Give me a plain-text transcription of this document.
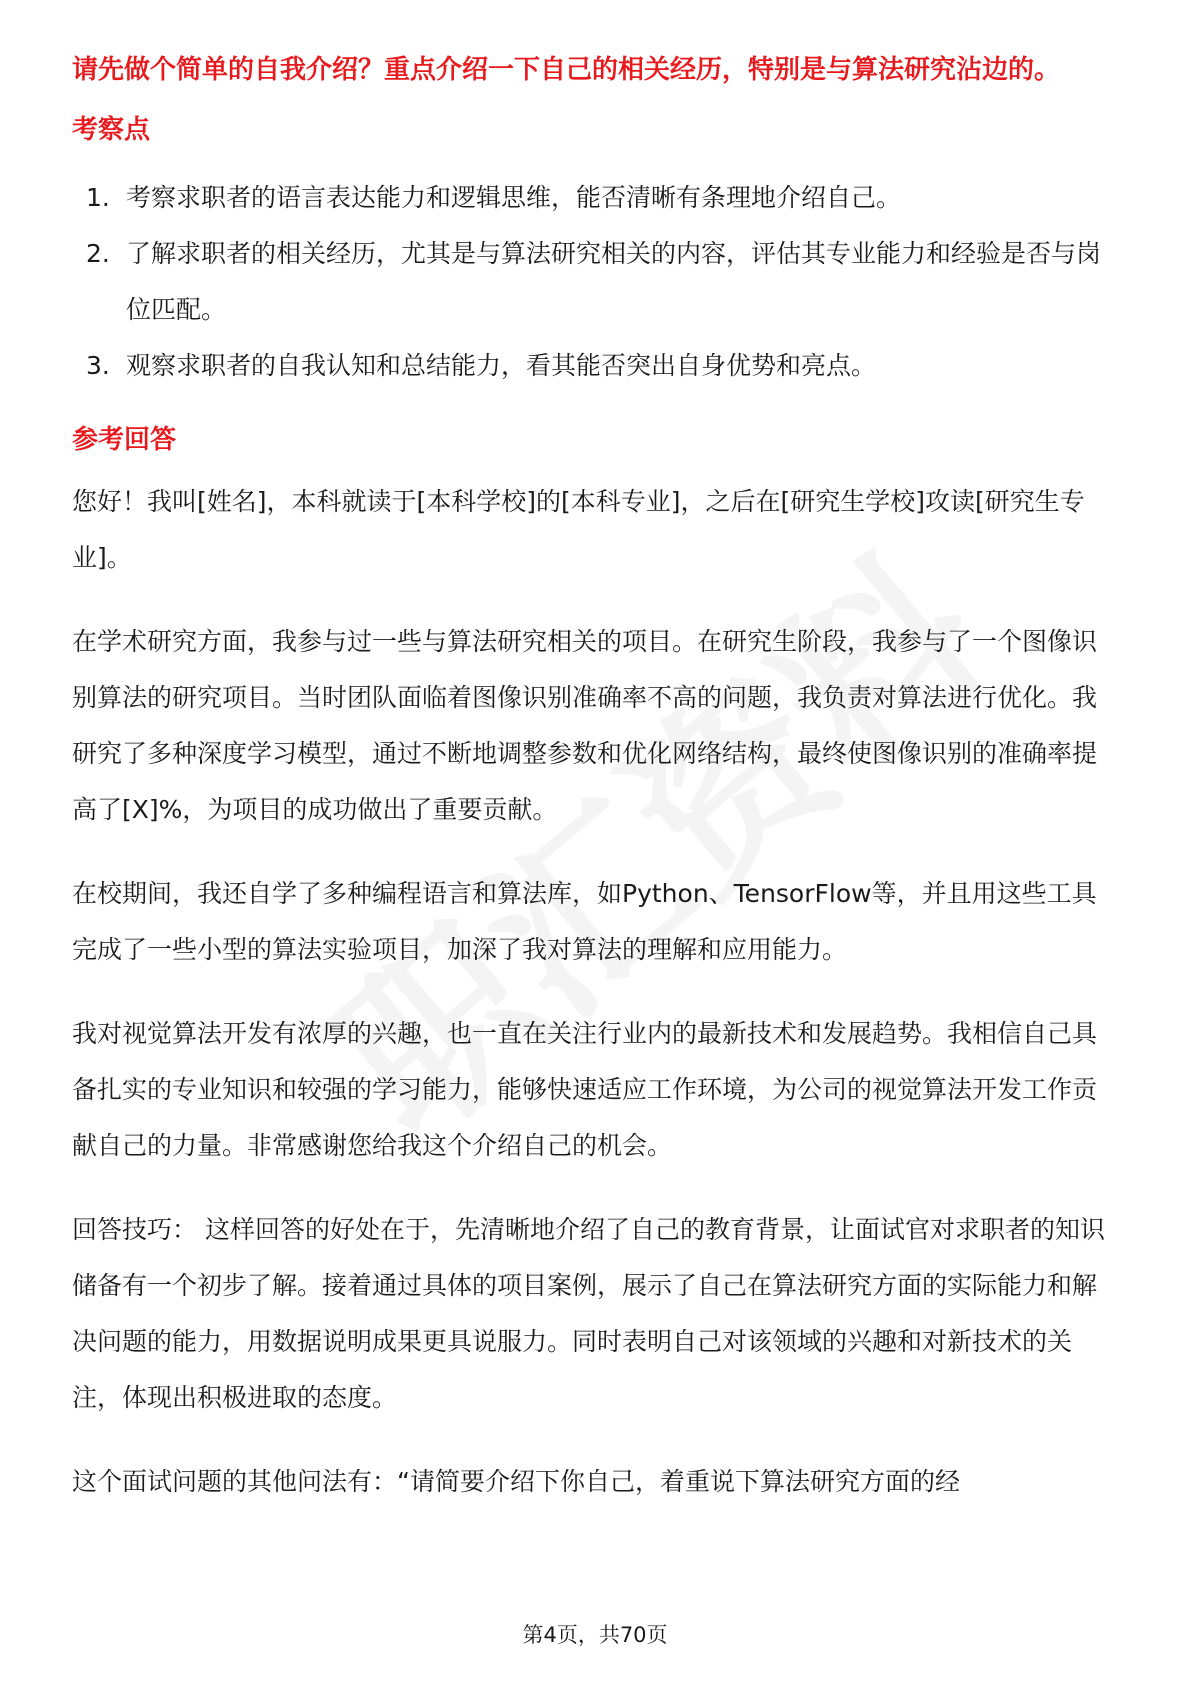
请先做个简单的自我介绍？重点介绍一下自己的相关经历，特别是与算法研究沾边的。
考察点
1. 考察求职者的语言表达能力和逻辑思维，能否清晰有条理地介绍自己。
2. 了解求职者的相关经历，尤其是与算法研究相关的内容，评估其专业能力和经验是否与岗位匹配。
3. 观察求职者的自我认知和总结能力，看其能否突出自身优势和亮点。
参考回答

您好！我叫[姓名]，本科就读于[本科学校]的[本科专业]，之后在[研究生学校]攻读[研究生专业]。

在学术研究方面，我参与过一些与算法研究相关的项目。在研究生阶段，我参与了一个图像识别算法的研究项目。当时团队面临着图像识别准确率不高的问题，我负责对算法进行优化。我研究了多种深度学习模型，通过不断地调整参数和优化网络结构，最终使图像识别的准确率提高了[X]%，为项目的成功做出了重要贡献。

在校期间，我还自学了多种编程语言和算法库，如Python、TensorFlow等，并且用这些工具完成了一些小型的算法实验项目，加深了我对算法的理解和应用能力。

我对视觉算法开发有浓厚的兴趣，也一直在关注行业内的最新技术和发展趋势。我相信自己具备扎实的专业知识和较强的学习能力，能够快速适应工作环境，为公司的视觉算法开发工作贡献自己的力量。非常感谢您给我这个介绍自己的机会。

回答技巧： 这样回答的好处在于，先清晰地介绍了自己的教育背景，让面试官对求职者的知识储备有一个初步了解。接着通过具体的项目案例，展示了自己在算法研究方面的实际能力和解决问题的能力，用数据说明成果更具说服力。同时表明自己对该领域的兴趣和对新技术的关注，体现出积极进取的态度。

这个面试问题的其他问法有：“请简要介绍下你自己，着重说下算法研究方面的经

第4页，共70页
